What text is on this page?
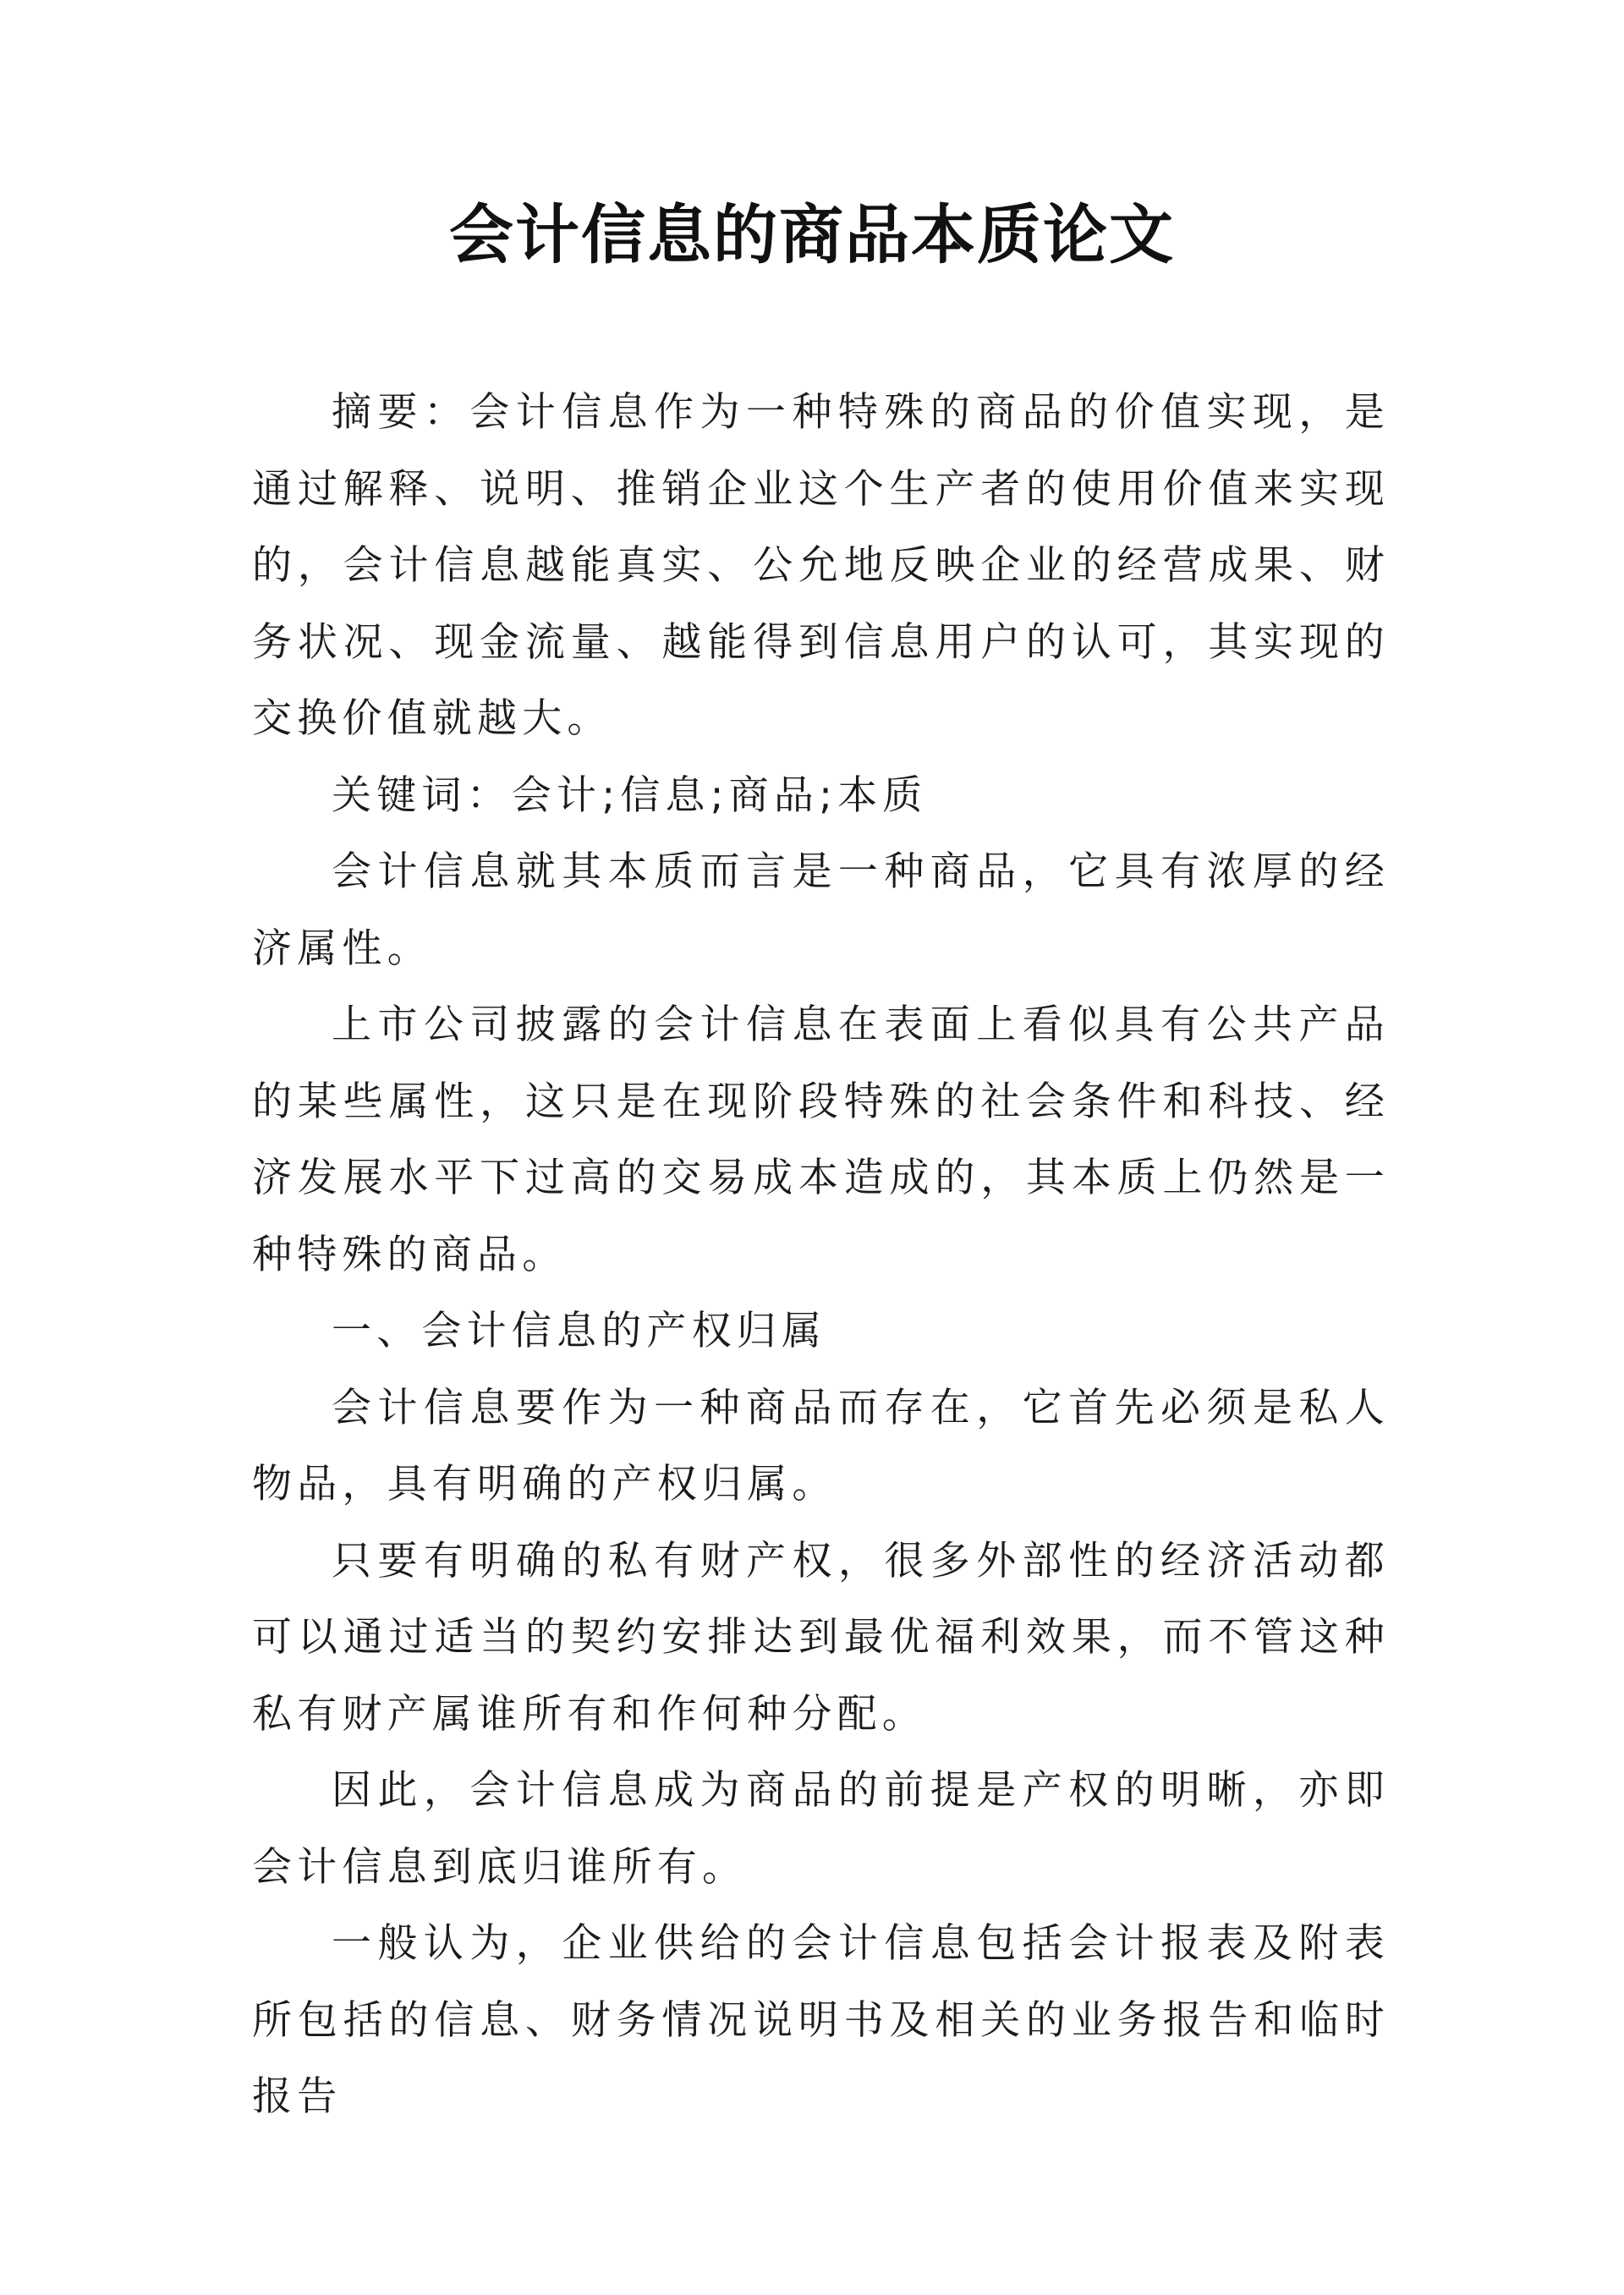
会计信息的商品本质论文

摘要：会计信息作为一种特殊的商品的价值实现，是通过解释、说明、推销企业这个生产者的使用价值来实现的，会计信息越能真实、公允地反映企业的经营成果、财务状况、现金流量、越能得到信息用户的认可，其实现的交换价值就越大。

关键词：会计;信息;商品;本质

会计信息就其本质而言是一种商品，它具有浓厚的经济属性。

上市公司披露的会计信息在表面上看似具有公共产品的某些属性，这只是在现阶段特殊的社会条件和科技、经济发展水平下过高的交易成本造成的，其本质上仍然是一种特殊的商品。

一、会计信息的产权归属

会计信息要作为一种商品而存在，它首先必须是私人物品，具有明确的产权归属。

只要有明确的私有财产权，很多外部性的经济活动都可以通过适当的契约安排达到最优福利效果，而不管这种私有财产属谁所有和作何种分配。

因此，会计信息成为商品的前提是产权的明晰，亦即会计信息到底归谁所有。

一般认为，企业供给的会计信息包括会计报表及附表所包括的信息、财务情况说明书及相关的业务报告和临时报告
